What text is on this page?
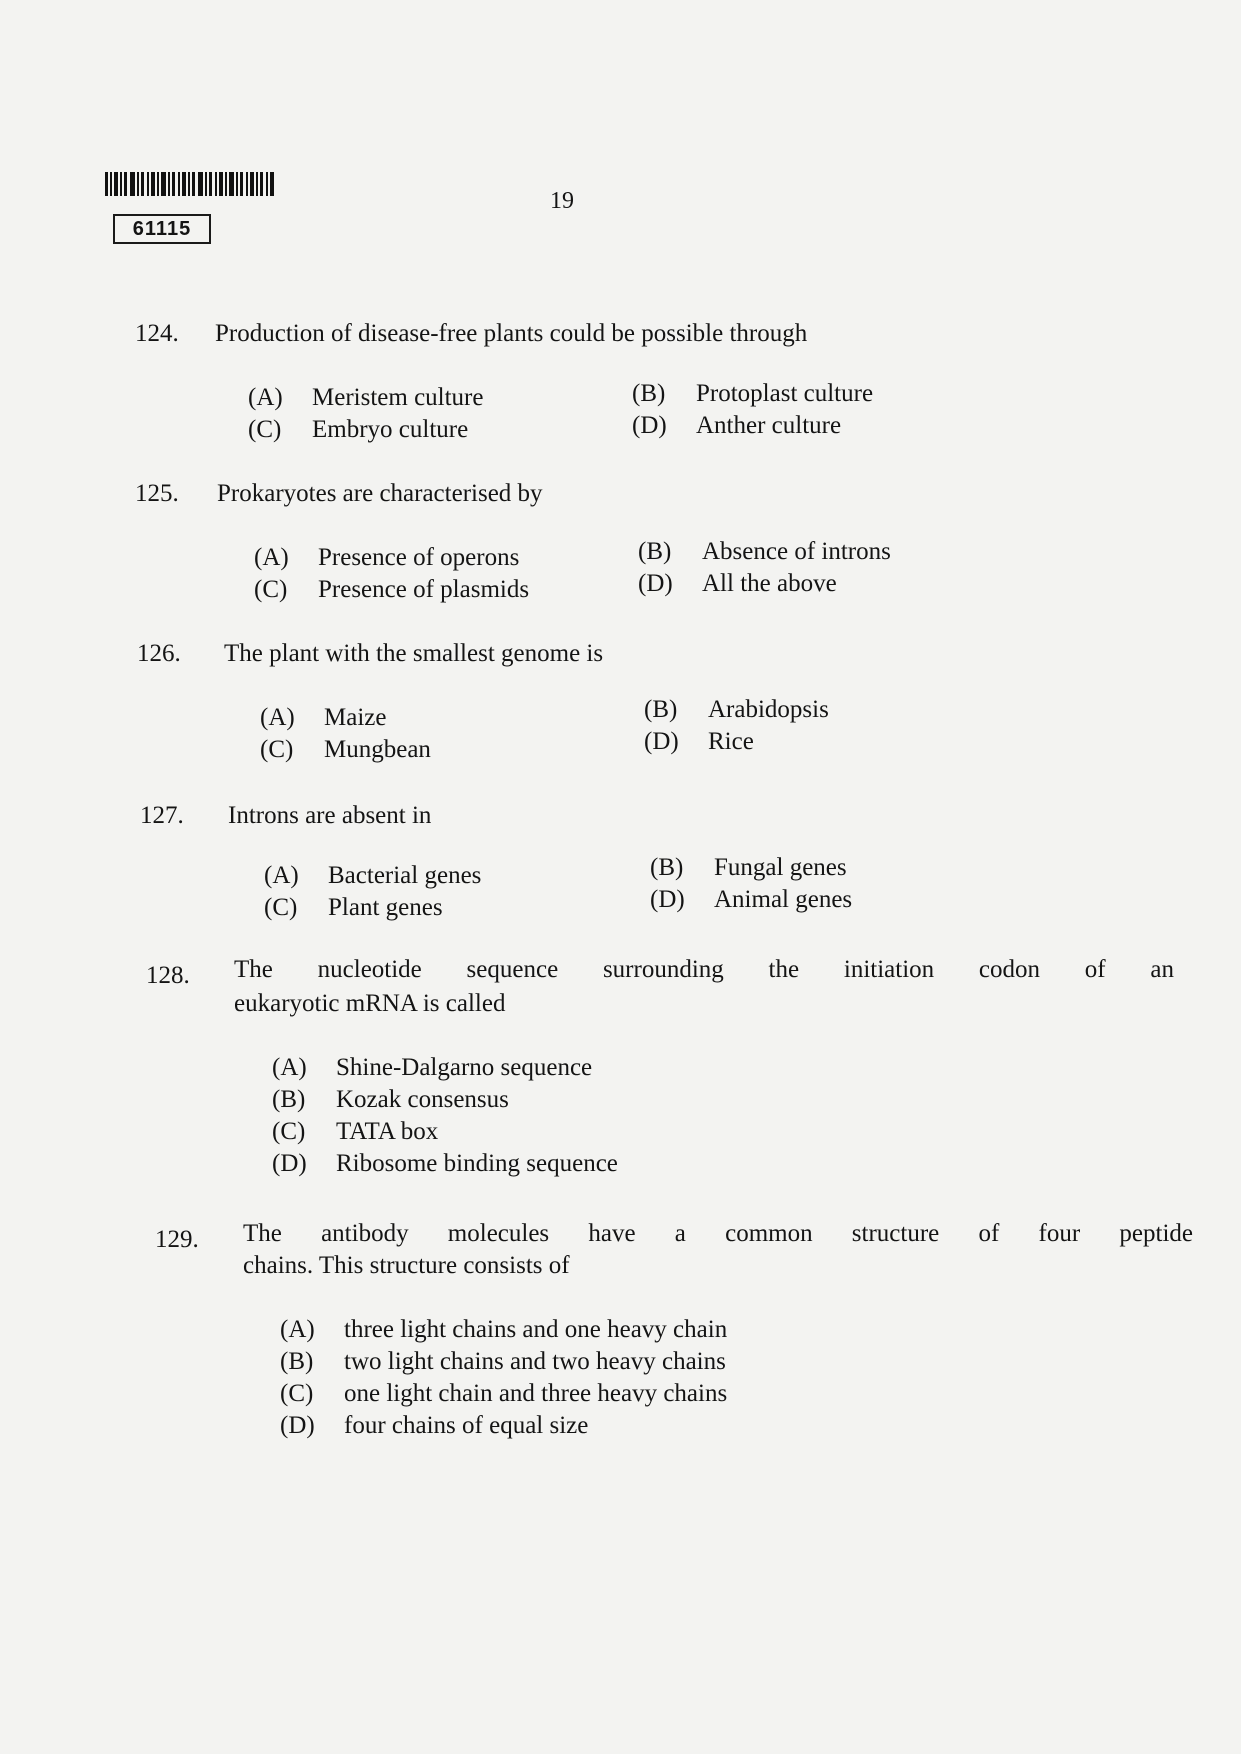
61115
19
124. Production of disease-free plants could be possible through
(A) Meristem culture	(B) Protoplast culture
(C) Embryo culture	(D) Anther culture
125. Prokaryotes are characterised by
(A) Presence of operons	(B) Absence of introns
(C) Presence of plasmids	(D) All the above
126. The plant with the smallest genome is
(A) Maize	(B) Arabidopsis
(C) Mungbean	(D) Rice
127. Introns are absent in
(A) Bacterial genes	(B) Fungal genes
(C) Plant genes	(D) Animal genes
128. The nucleotide sequence surrounding the initiation codon of an
eukaryotic mRNA is called
(A) Shine-Dalgarno sequence
(B) Kozak consensus
(C) TATA box
(D) Ribosome binding sequence
129. The antibody molecules have a common structure of four peptide
chains. This structure consists of
(A) three light chains and one heavy chain
(B) two light chains and two heavy chains
(C) one light chain and three heavy chains
(D) four chains of equal size
